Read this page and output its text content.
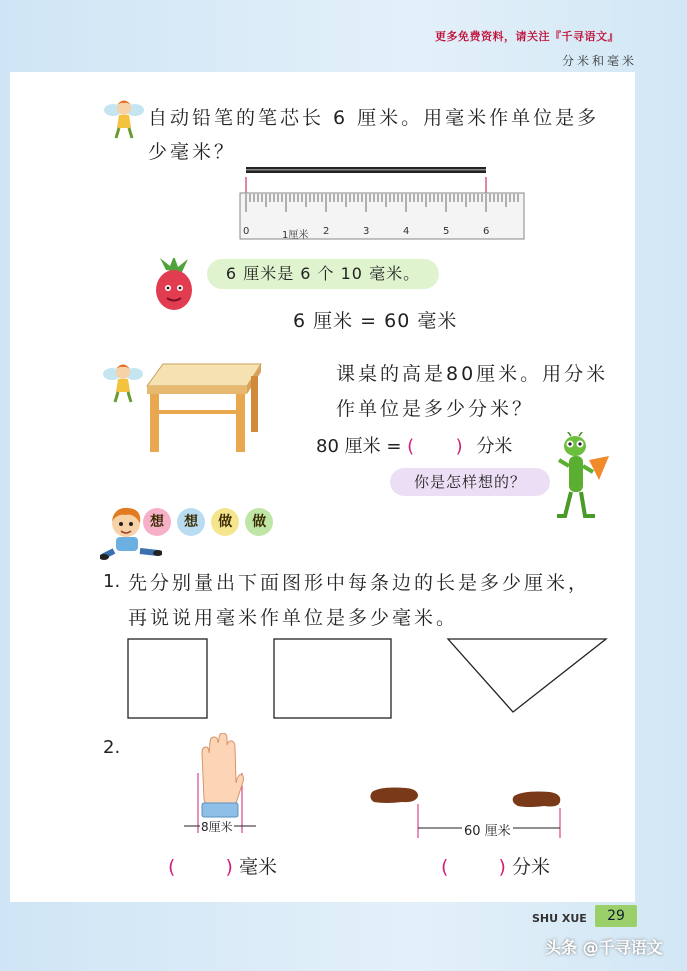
更多免费资料，请关注『千寻语文』
分米和毫米
自动铅笔的笔芯长 6 厘米。用毫米作单位是多
少毫米？
0	1厘米 2	3	4	5	6
6 厘米是 6 个 10 毫米。
6 厘米 = 60 毫米
课桌的高是80厘米。用分米
作单位是多少分米？
80 厘米 = ( ) 分米
你是怎样想的？
想 想 做 做
1. 先分别量出下面图形中每条边的长是多少厘米，
再说说用毫米作单位是多少毫米。
2.
8厘米	60 厘米
(	) 毫米	(	) 分米
SHU XUE	29
头条 @千寻语文
